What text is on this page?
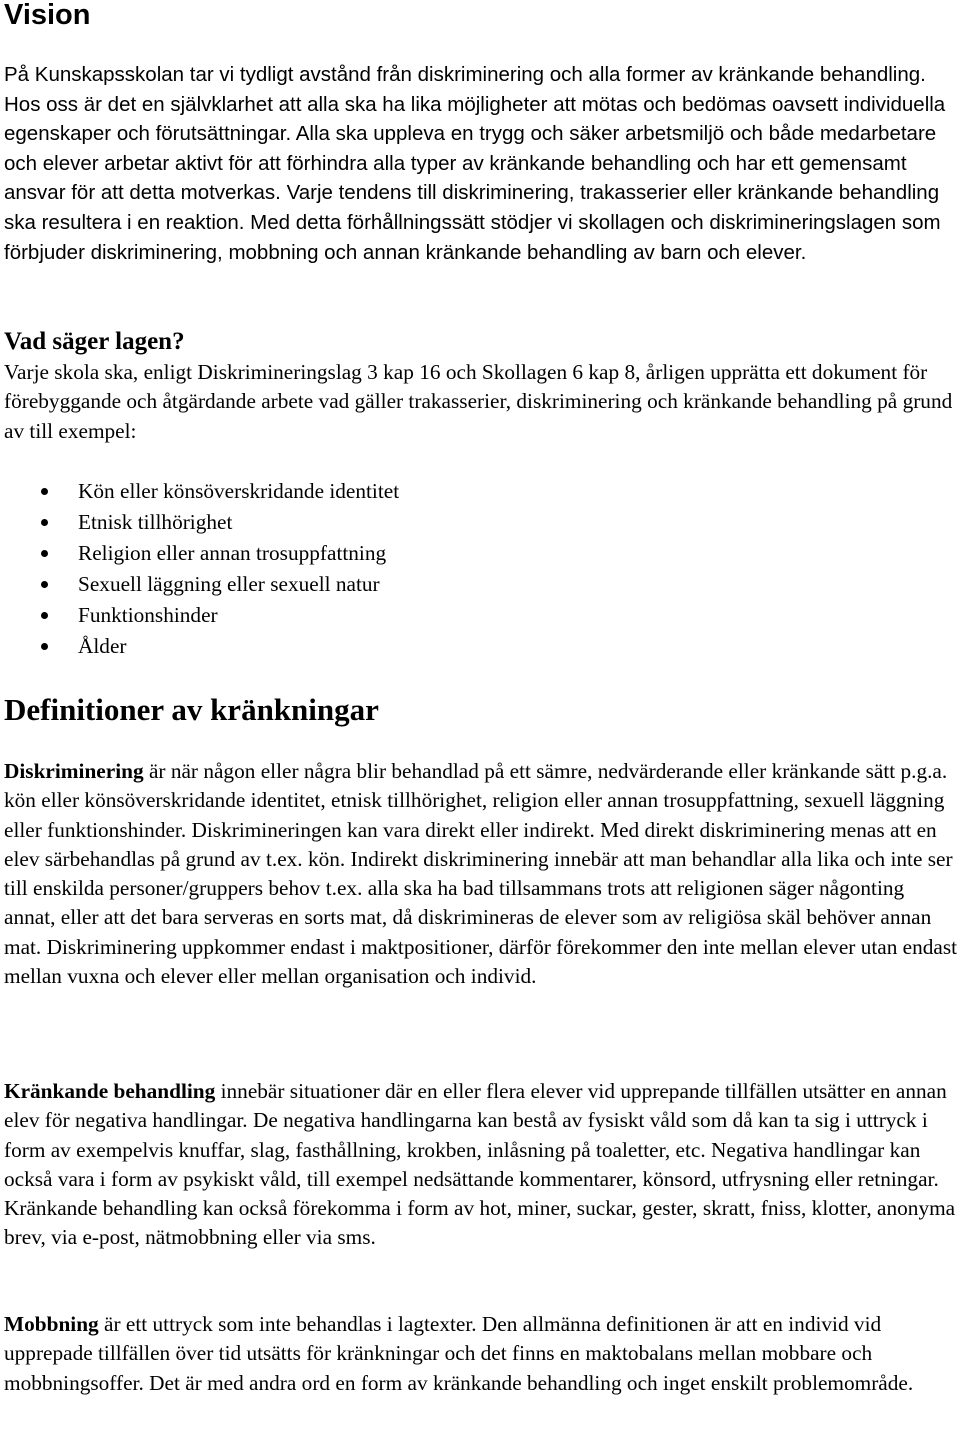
Vision

På Kunskapsskolan tar vi tydligt avstånd från diskriminering och alla former av kränkande behandling. Hos oss är det en självklarhet att alla ska ha lika möjligheter att mötas och bedömas oavsett individuella egenskaper och förutsättningar. Alla ska uppleva en trygg och säker arbetsmiljö och både medarbetare och elever arbetar aktivt för att förhindra alla typer av kränkande behandling och har ett gemensamt ansvar för att detta motverkas. Varje tendens till diskriminering, trakasserier eller kränkande behandling ska resultera i en reaktion. Med detta förhållningssätt stödjer vi skollagen och diskrimineringslagen som förbjuder diskriminering, mobbning och annan kränkande behandling av barn och elever.

Vad säger lagen?

Varje skola ska, enligt Diskrimineringslag 3 kap 16 och Skollagen 6 kap 8, årligen upprätta ett dokument för förebyggande och åtgärdande arbete vad gäller trakasserier, diskriminering och kränkande behandling på grund av till exempel:

Kön eller könsöverskridande identitet
Etnisk tillhörighet
Religion eller annan trosuppfattning
Sexuell läggning eller sexuell natur
Funktionshinder
Ålder
Definitioner av kränkningar

Diskriminering är när någon eller några blir behandlad på ett sämre, nedvärderande eller kränkande sätt p.g.a. kön eller könsöverskridande identitet, etnisk tillhörighet, religion eller annan trosuppfattning, sexuell läggning eller funktionshinder. Diskrimineringen kan vara direkt eller indirekt. Med direkt diskriminering menas att en elev särbehandlas på grund av t.ex. kön. Indirekt diskriminering innebär att man behandlar alla lika och inte ser till enskilda personer/gruppers behov t.ex. alla ska ha bad tillsammans trots att religionen säger någonting annat, eller att det bara serveras en sorts mat, då diskrimineras de elever som av religiösa skäl behöver annan mat. Diskriminering uppkommer endast i maktpositioner, därför förekommer den inte mellan elever utan endast mellan vuxna och elever eller mellan organisation och individ.

Kränkande behandling innebär situationer där en eller flera elever vid upprepande tillfällen utsätter en annan elev för negativa handlingar. De negativa handlingarna kan bestå av fysiskt våld som då kan ta sig i uttryck i form av exempelvis knuffar, slag, fasthållning, krokben, inlåsning på toaletter, etc. Negativa handlingar kan också vara i form av psykiskt våld, till exempel nedsättande kommentarer, könsord, utfrysning eller retningar. Kränkande behandling kan också förekomma i form av hot, miner, suckar, gester, skratt, fniss, klotter, anonyma brev, via e-post, nätmobbning eller via sms.

Mobbning är ett uttryck som inte behandlas i lagtexter. Den allmänna definitionen är att en individ vid upprepade tillfällen över tid utsätts för kränkningar och det finns en maktobalans mellan mobbare och mobbningsoffer. Det är med andra ord en form av kränkande behandling och inget enskilt problemområde.
